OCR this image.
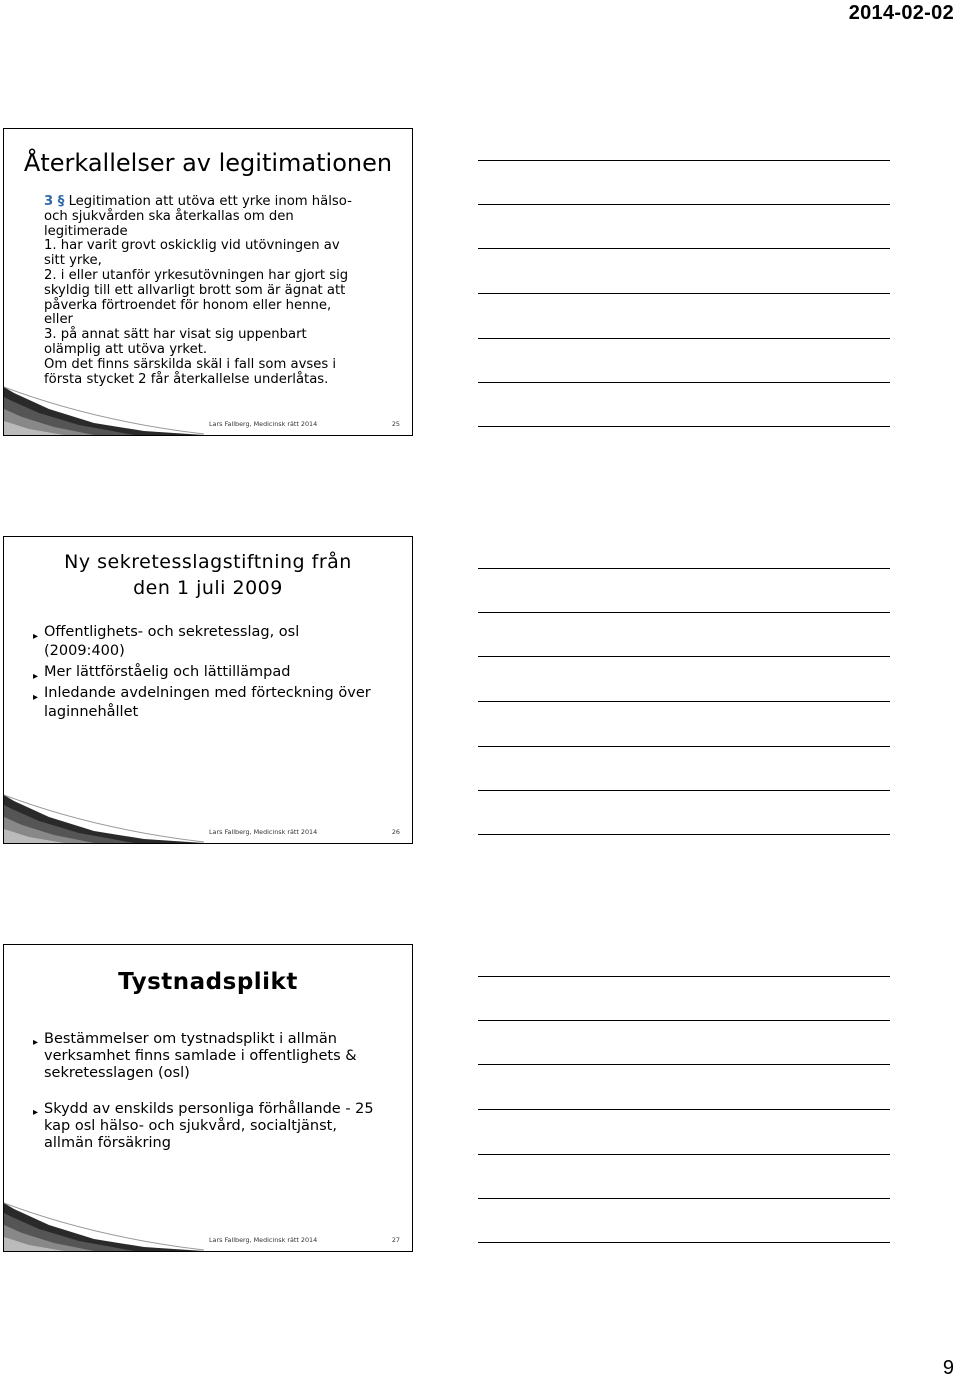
2014-02-02
Återkallelser av legitimationen
3 § Legitimation att utöva ett yrke inom hälso-
och sjukvården ska återkallas om den
legitimerade
1. har varit grovt oskicklig vid utövningen av
sitt yrke,
2. i eller utanför yrkesutövningen har gjort sig
skyldig till ett allvarligt brott som är ägnat att
påverka förtroendet för honom eller henne,
eller
3. på annat sätt har visat sig uppenbart
olämplig att utöva yrket.
Om det finns särskilda skäl i fall som avses i
första stycket 2 får återkallelse underlåtas.
Lars Fallberg, Medicinsk rätt 2014	25
Ny sekretesslagstiftning från
den 1 juli 2009
▸ Offentlighets- och sekretesslag, osl
(2009:400)
▸ Mer lättförståelig och lättillämpad
▸ Inledande avdelningen med förteckning över
laginnehållet
Lars Fallberg, Medicinsk rätt 2014	26
Tystnadsplikt
▸ Bestämmelser om tystnadsplikt i allmän
verksamhet finns samlade i offentlighets &
sekretesslagen (osl)
▸ Skydd av enskilds personliga förhållande - 25
kap osl hälso- och sjukvård, socialtjänst,
allmän försäkring
Lars Fallberg, Medicinsk rätt 2014	27
9
